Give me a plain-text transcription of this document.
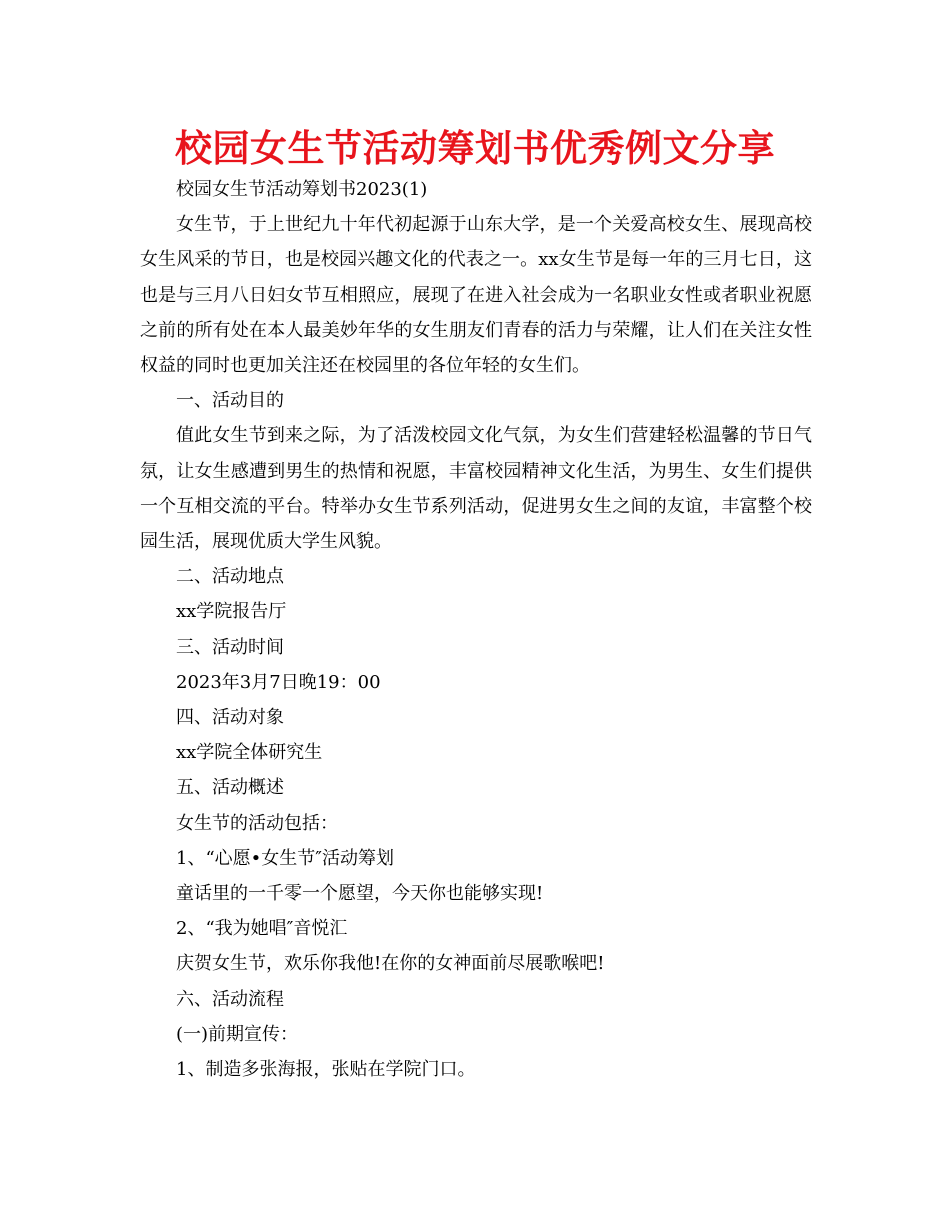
校园女生节活动筹划书优秀例文分享

校园女生节活动筹划书2023(1)

女生节，于上世纪九十年代初起源于山东大学，是一个关爱高校女生、展现高校女生风采的节日，也是校园兴趣文化的代表之一。xx女生节是每一年的三月七日，这也是与三月八日妇女节互相照应，展现了在进入社会成为一名职业女性或者职业祝愿之前的所有处在本人最美妙年华的女生朋友们青春的活力与荣耀，让人们在关注女性权益的同时也更加关注还在校园里的各位年轻的女生们。

一、活动目的

值此女生节到来之际，为了活泼校园文化气氛，为女生们营建轻松温馨的节日气氛，让女生感遭到男生的热情和祝愿，丰富校园精神文化生活，为男生、女生们提供一个互相交流的平台。特举办女生节系列活动，促进男女生之间的友谊，丰富整个校园生活，展现优质大学生风貌。

二、活动地点

xx学院报告厅

三、活动时间

2023年3月7日晚19：00

四、活动对象

xx学院全体研究生

五、活动概述

女生节的活动包括：

1、“心愿•女生节″活动筹划

童话里的一千零一个愿望，今天你也能够实现!

2、“我为她唱″音悦汇

庆贺女生节，欢乐你我他!在你的女神面前尽展歌喉吧!

六、活动流程

(一)前期宣传：

1、制造多张海报，张贴在学院门口。
